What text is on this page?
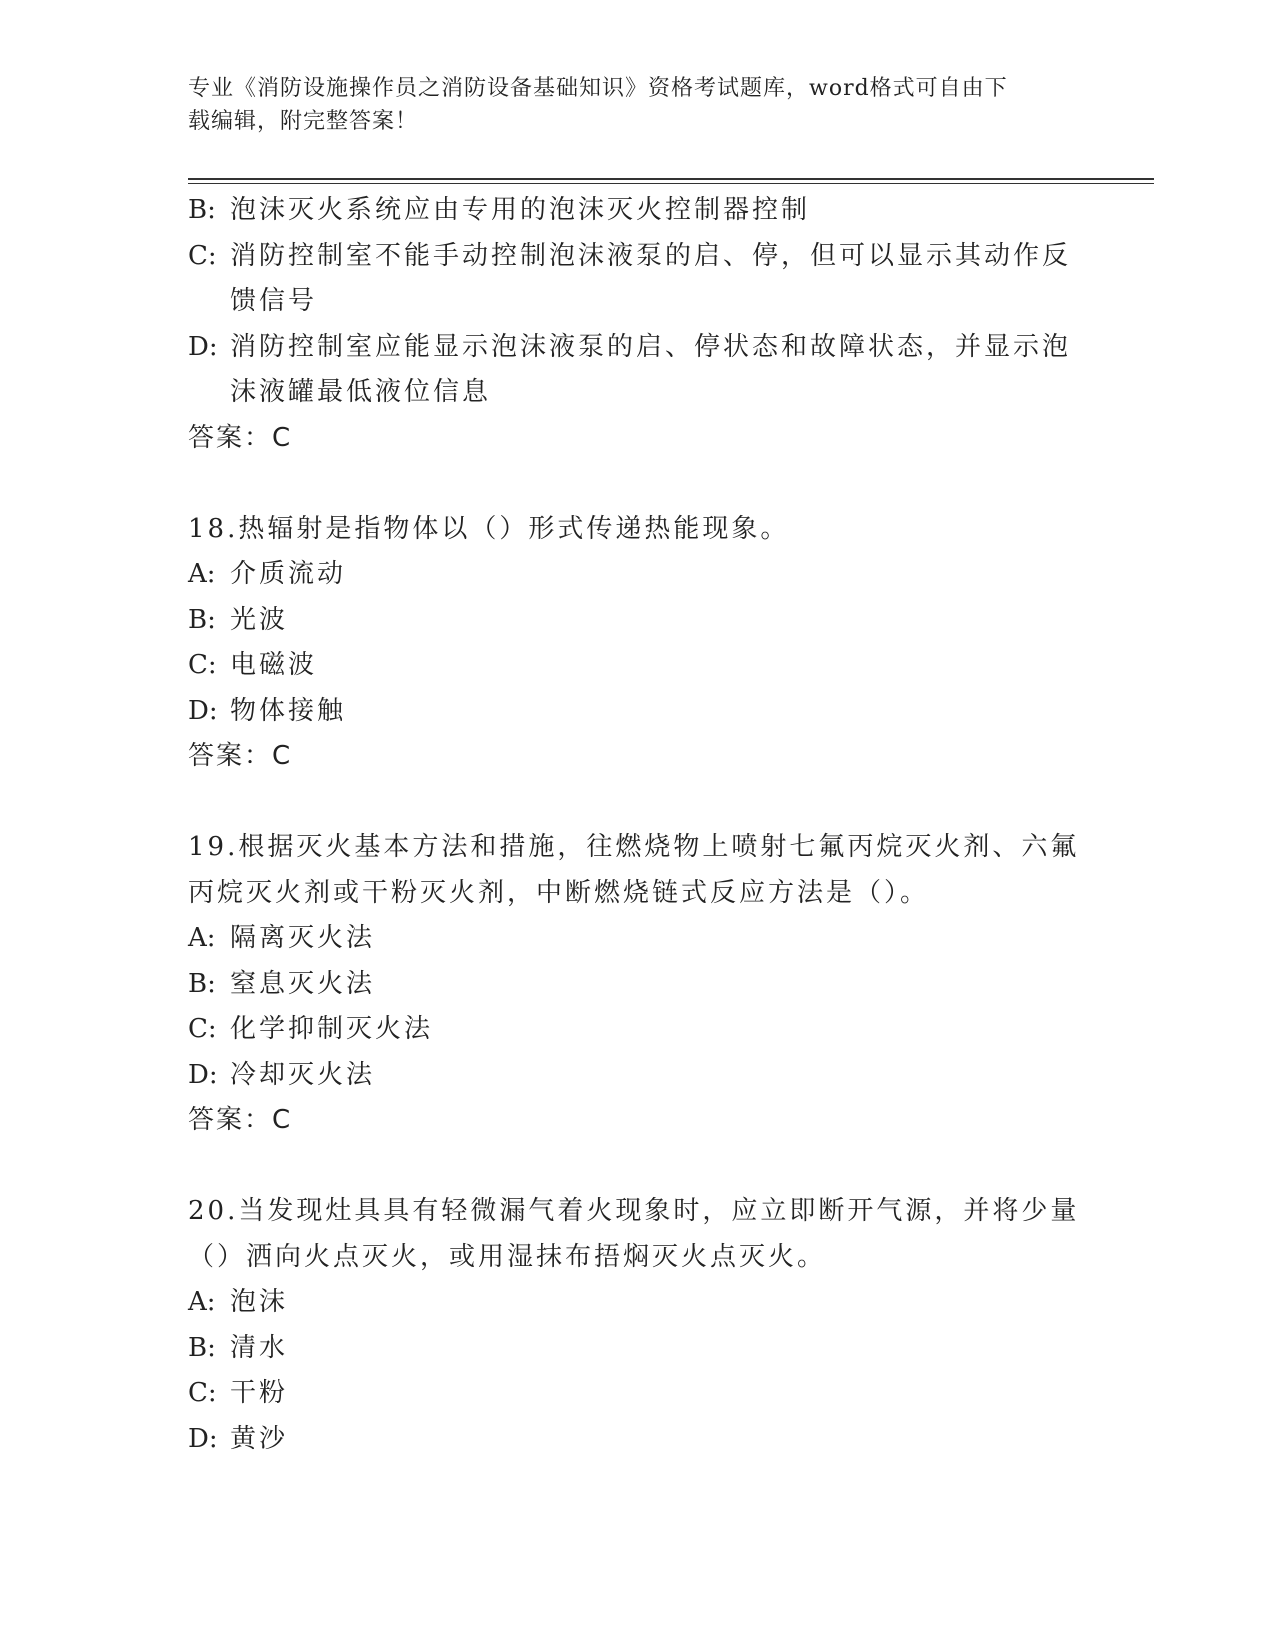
专业《消防设施操作员之消防设备基础知识》资格考试题库，word格式可自由下
载编辑，附完整答案！
B: 泡沫灭火系统应由专用的泡沫灭火控制器控制
C: 消防控制室不能手动控制泡沫液泵的启、停，但可以显示其动作反馈信号
D: 消防控制室应能显示泡沫液泵的启、停状态和故障状态，并显示泡沫液罐最低液位信息
答案：C
18.热辐射是指物体以（）形式传递热能现象。
A: 介质流动
B: 光波
C: 电磁波
D: 物体接触
答案：C
19.根据灭火基本方法和措施，往燃烧物上喷射七氟丙烷灭火剂、六氟丙烷灭火剂或干粉灭火剂，中断燃烧链式反应方法是（）。
A: 隔离灭火法
B: 窒息灭火法
C: 化学抑制灭火法
D: 冷却灭火法
答案：C
20.当发现灶具具有轻微漏气着火现象时，应立即断开气源，并将少量（）洒向火点灭火，或用湿抹布捂焖灭火点灭火。
A: 泡沫
B: 清水
C: 干粉
D: 黄沙
